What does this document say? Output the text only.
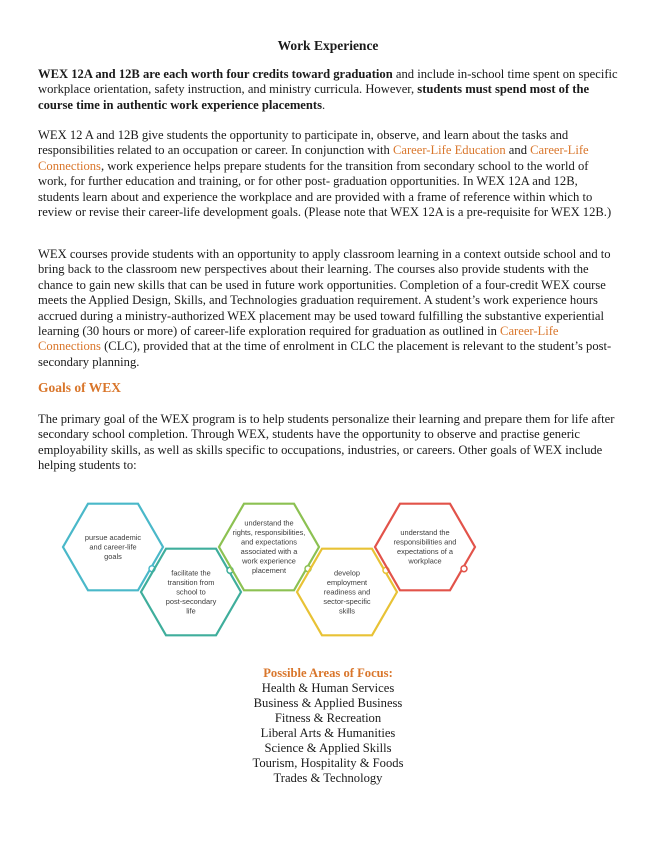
Work Experience

WEX 12A and 12B are each worth four credits toward graduation and include in-school time spent on specific workplace orientation, safety instruction, and ministry curricula. However, students must spend most of the course time in authentic work experience placements.

WEX 12 A and 12B give students the opportunity to participate in, observe, and learn about the tasks and responsibilities related to an occupation or career. In conjunction with Career-Life Education and Career-Life Connections, work experience helps prepare students for the transition from secondary school to the world of work, for further education and training, or for other post- graduation opportunities. In WEX 12A and 12B, students learn about and experience the workplace and are provided with a frame of reference within which to review or revise their career-life development goals. (Please note that WEX 12A is a pre-requisite for WEX 12B.)

WEX courses provide students with an opportunity to apply classroom learning in a context outside school and to bring back to the classroom new perspectives about their learning. The courses also provide students with the chance to gain new skills that can be used in future work opportunities. Completion of a four-credit WEX course meets the Applied Design, Skills, and Technologies graduation requirement. A student’s work experience hours accrued during a ministry-authorized WEX placement may be used toward fulfilling the substantive experiential learning (30 hours or more) of career-life exploration required for graduation as outlined in Career-Life Connections (CLC), provided that at the time of enrolment in CLC the placement is relevant to the student’s post-secondary planning.

Goals of WEX

The primary goal of the WEX program is to help students personalize their learning and prepare them for life after secondary school completion. Through WEX, students have the opportunity to observe and practise generic employability skills, as well as skills specific to occupations, industries, or careers. Other goals of WEX include helping students to:

pursue academic
and career-life
goals
facilitate the
transition from
school to
post-secondary
life
understand the
rights, responsibilities,
and expectations
associated with a
work experience
placement	develop
employment
readiness and
sector-specific
skills
understand the
responsibilities and
expectations of a
workplace
Possible Areas of Focus:
Health & Human Services
Business & Applied Business
Fitness & Recreation
Liberal Arts & Humanities
Science & Applied Skills
Tourism, Hospitality & Foods
Trades & Technology
